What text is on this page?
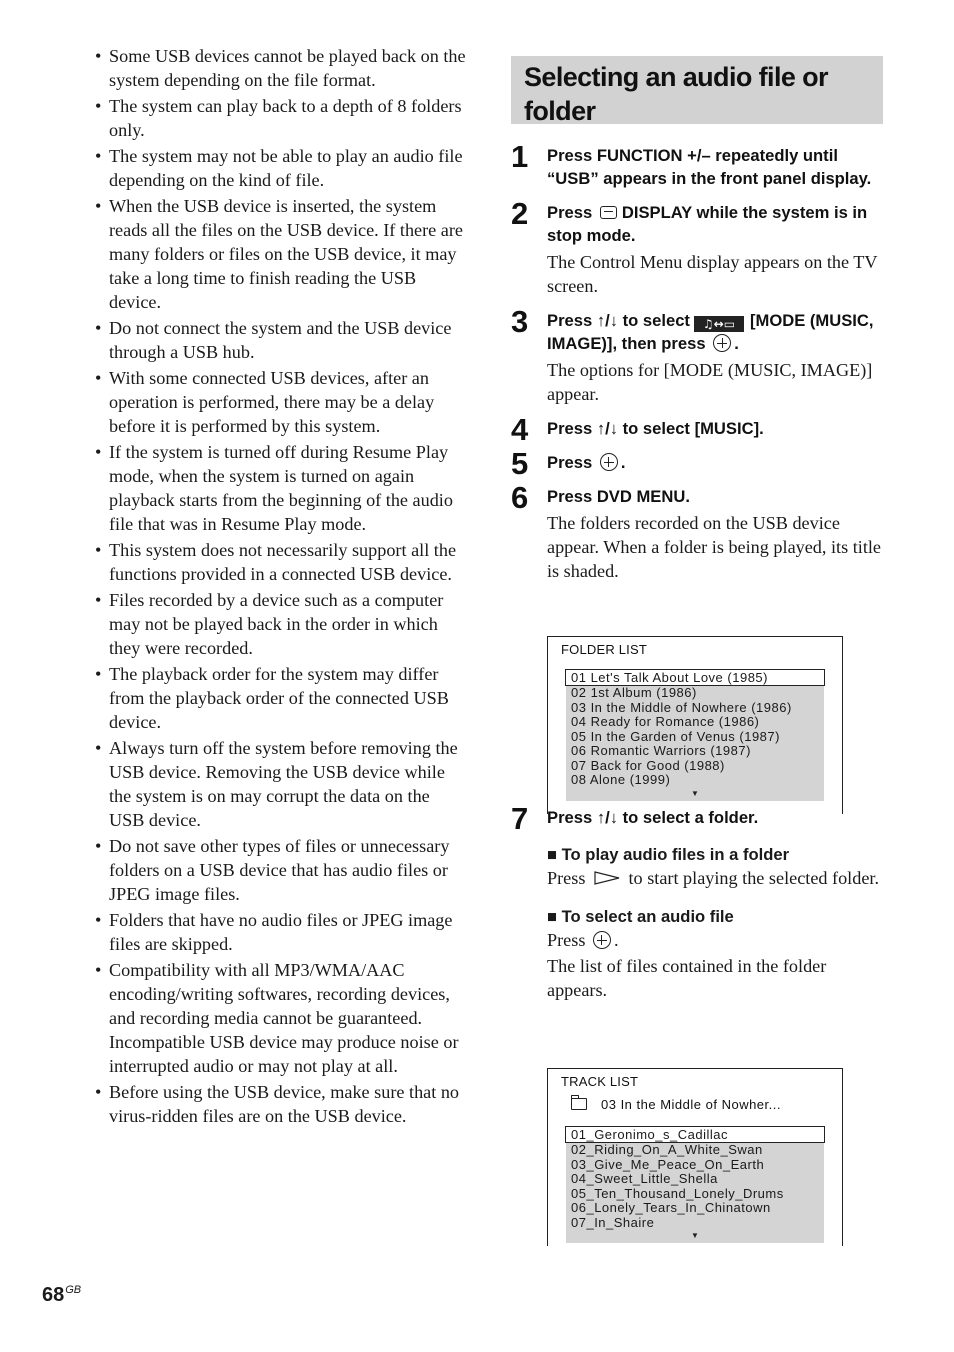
• Some USB devices cannot be played back on the system depending on the file format.
• The system can play back to a depth of 8 folders only.
• The system may not be able to play an audio file depending on the kind of file.
• When the USB device is inserted, the system reads all the files on the USB device. If there are many folders or files on the USB device, it may take a long time to finish reading the USB device.
• Do not connect the system and the USB device through a USB hub.
• With some connected USB devices, after an operation is performed, there may be a delay before it is performed by this system.
• If the system is turned off during Resume Play mode, when the system is turned on again playback starts from the beginning of the audio file that was in Resume Play mode.
• This system does not necessarily support all the functions provided in a connected USB device.
• Files recorded by a device such as a computer may not be played back in the order in which they were recorded.
• The playback order for the system may differ from the playback order of the connected USB device.
• Always turn off the system before removing the USB device. Removing the USB device while the system is on may corrupt the data on the USB device.
• Do not save other types of files or unnecessary folders on a USB device that has audio files or JPEG image files.
• Folders that have no audio files or JPEG image files are skipped.
• Compatibility with all MP3/WMA/AAC encoding/writing softwares, recording devices, and recording media cannot be guaranteed. Incompatible USB device may produce noise or interrupted audio or may not play at all.
• Before using the USB device, make sure that no virus-ridden files are on the USB device.
Selecting an audio file or folder
1 Press FUNCTION +/– repeatedly until “USB” appears in the front panel display.
2 Press DISPLAY while the system is in stop mode.
The Control Menu display appears on the TV screen.
3 Press ↑/↓ to select ♫↔▭ [MODE (MUSIC, IMAGE)], then press .
The options for [MODE (MUSIC, IMAGE)] appear.
4 Press ↑/↓ to select [MUSIC].
5 Press .
6 Press DVD MENU.
The folders recorded on the USB device appear. When a folder is being played, its title is shaded.
7 Press ↑/↓ to select a folder.
■ To play audio files in a folder
Press to start playing the selected folder.
■ To select an audio file
Press .
The list of files contained in the folder appears.
FOLDER LIST
01 Let's Talk About Love (1985)
02 1st Album (1986)
03 In the Middle of Nowhere (1986)
04 Ready for Romance (1986)
05 In the Garden of Venus (1987)
06 Romantic Warriors (1987)
07 Back for Good (1988)
08 Alone (1999)
▼
TRACK LIST
03 In the Middle of Nowher...
01_Geronimo_s_Cadillac
02_Riding_On_A_White_Swan
03_Give_Me_Peace_On_Earth
04_Sweet_Little_Shella
05_Ten_Thousand_Lonely_Drums
06_Lonely_Tears_In_Chinatown
07_In_Shaire
▼
$68^{GB}$
